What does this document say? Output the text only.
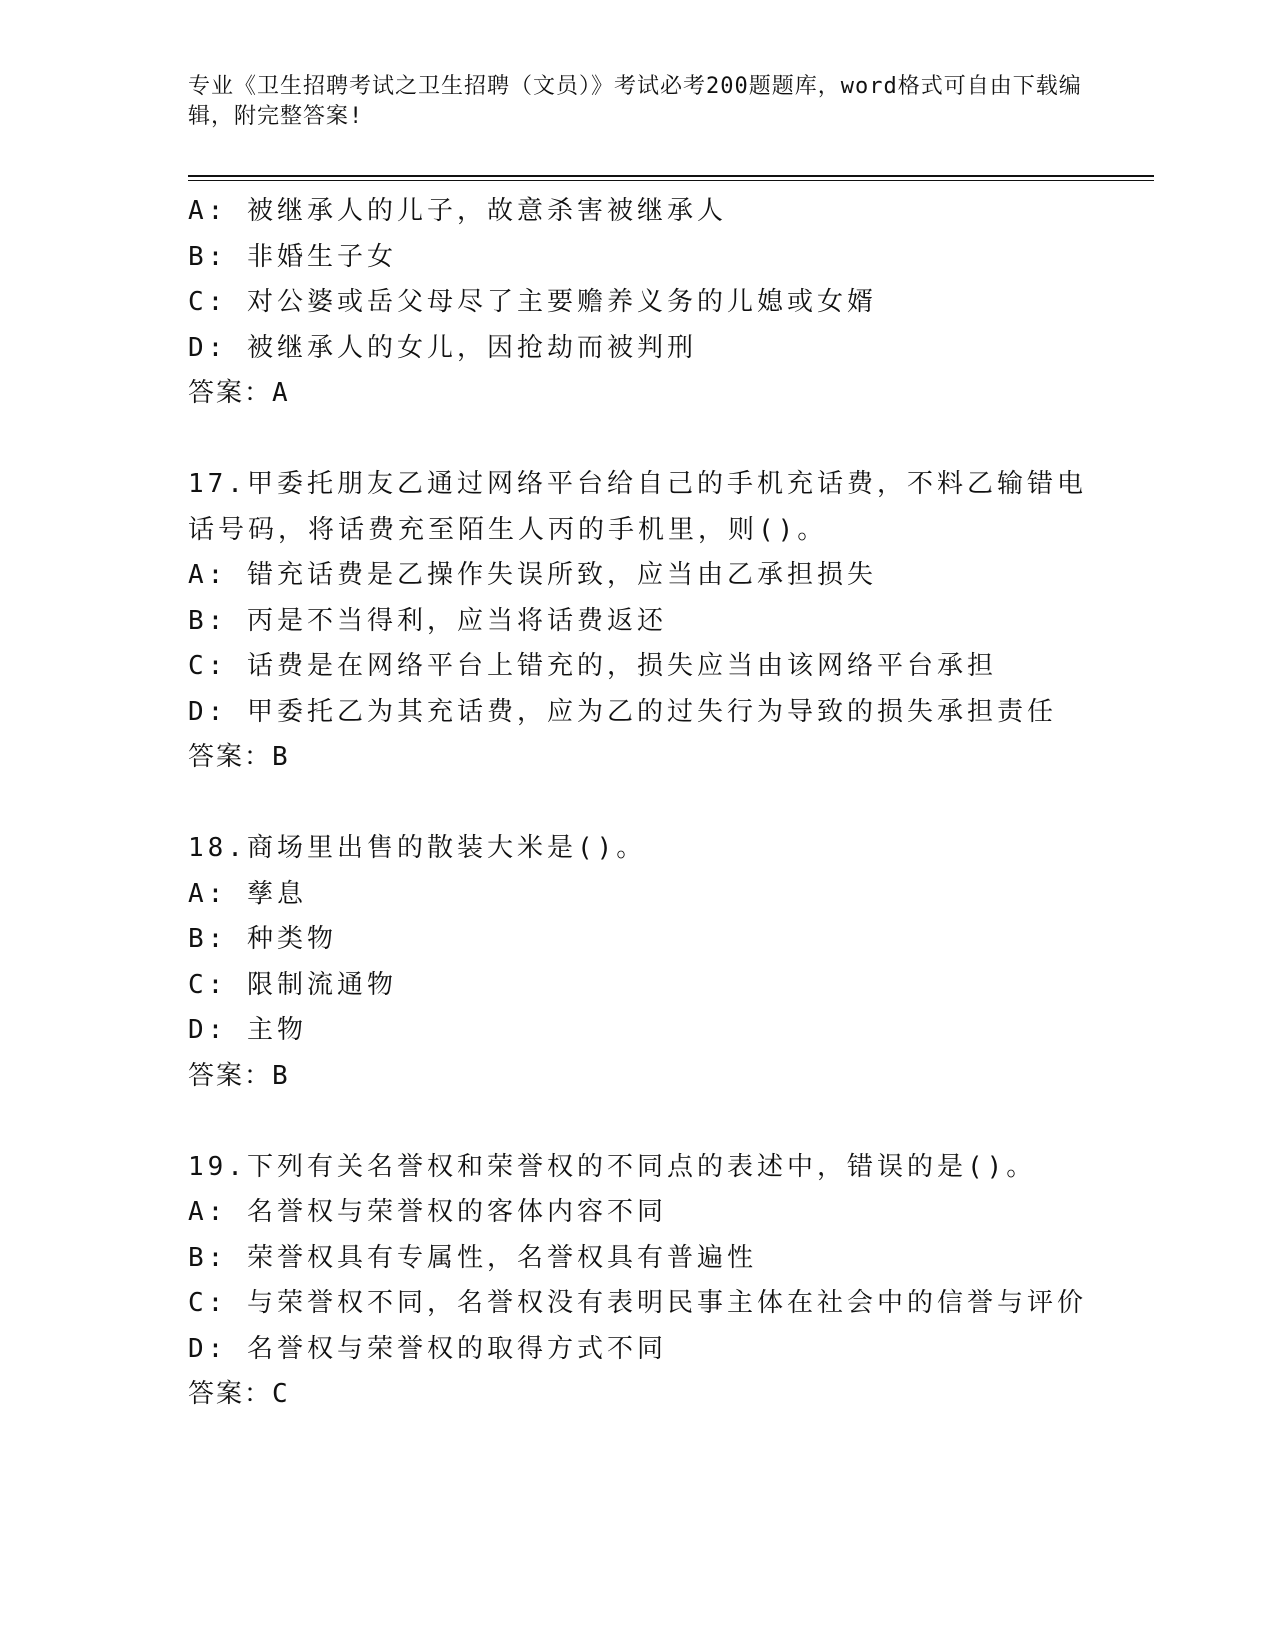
专业《卫生招聘考试之卫生招聘（文员）》考试必考200题题库，word格式可自由下载编辑，附完整答案!
A: 被继承人的儿子，故意杀害被继承人
B: 非婚生子女
C: 对公婆或岳父母尽了主要赡养义务的儿媳或女婿
D: 被继承人的女儿，因抢劫而被判刑
答案：A
17.甲委托朋友乙通过网络平台给自己的手机充话费，不料乙输错电话号码，将话费充至陌生人丙的手机里，则()。
A: 错充话费是乙操作失误所致，应当由乙承担损失
B: 丙是不当得利，应当将话费返还
C: 话费是在网络平台上错充的，损失应当由该网络平台承担
D: 甲委托乙为其充话费，应为乙的过失行为导致的损失承担责任
答案：B
18.商场里出售的散装大米是()。
A: 孳息
B: 种类物
C: 限制流通物
D: 主物
答案：B
19.下列有关名誉权和荣誉权的不同点的表述中，错误的是()。
A: 名誉权与荣誉权的客体内容不同
B: 荣誉权具有专属性，名誉权具有普遍性
C: 与荣誉权不同，名誉权没有表明民事主体在社会中的信誉与评价
D: 名誉权与荣誉权的取得方式不同
答案：C
